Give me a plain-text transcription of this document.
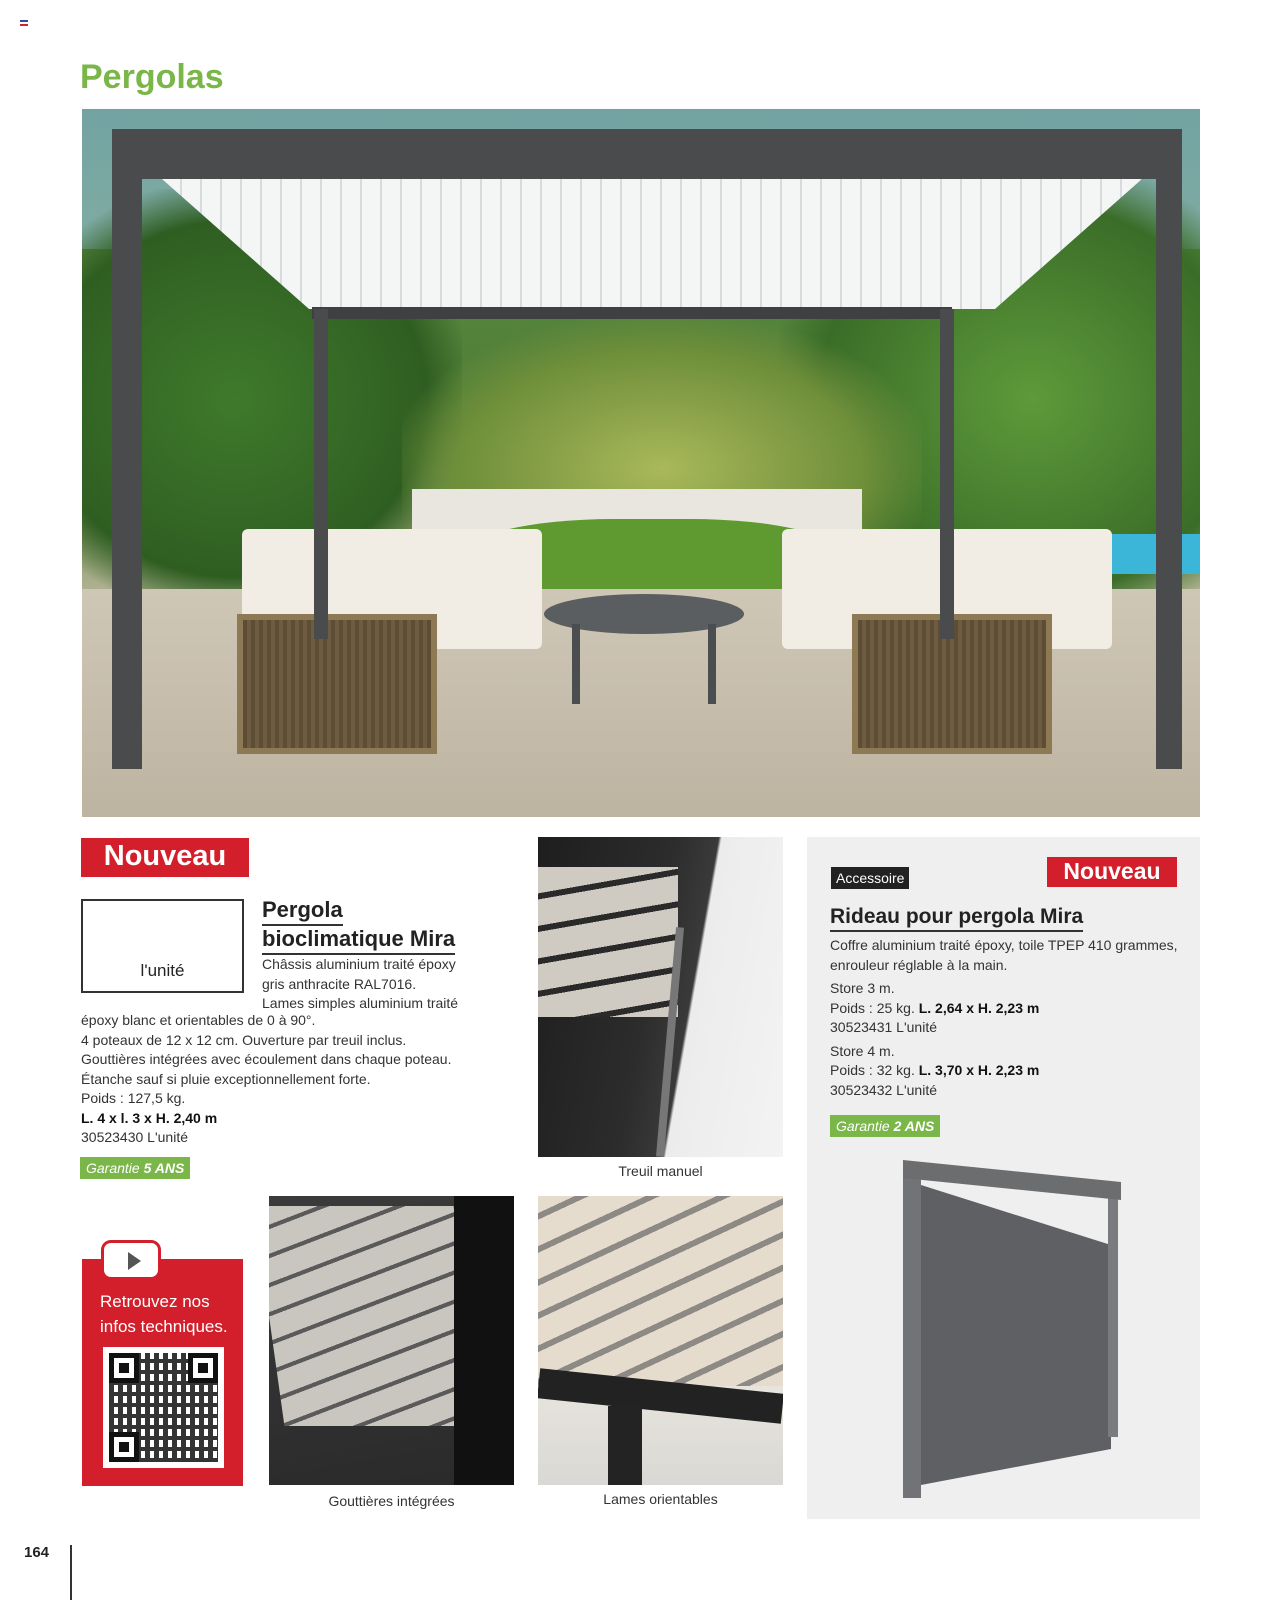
Pergolas
Nouveau
l'unité
Pergola
bioclimatique Mira
Châssis aluminium traité époxy
gris anthracite RAL7016.
Lames simples aluminium traité
époxy blanc et orientables de 0 à 90°.
4 poteaux de 12 x 12 cm. Ouverture par treuil inclus.
Gouttières intégrées avec écoulement dans chaque poteau.
Étanche sauf si pluie exceptionnellement forte.
Poids : 127,5 kg.
L. 4 x l. 3 x H. 2,40 m
30523430 L'unité
Garantie 5 ANS
Retrouvez nos
infos techniques.
Treuil manuel
Gouttières intégrées	Lames orientables
Accessoire	Nouveau
Rideau pour pergola Mira

Coffre aluminium traité époxy, toile TPEP 410 grammes,
enrouleur réglable à la main.

Store 3 m.
Poids : 25 kg. L. 2,64 x H. 2,23 m
30523431 L'unité

Store 4 m.
Poids : 32 kg. L. 3,70 x H. 2,23 m
30523432 L'unité

Garantie 2 ANS
164
